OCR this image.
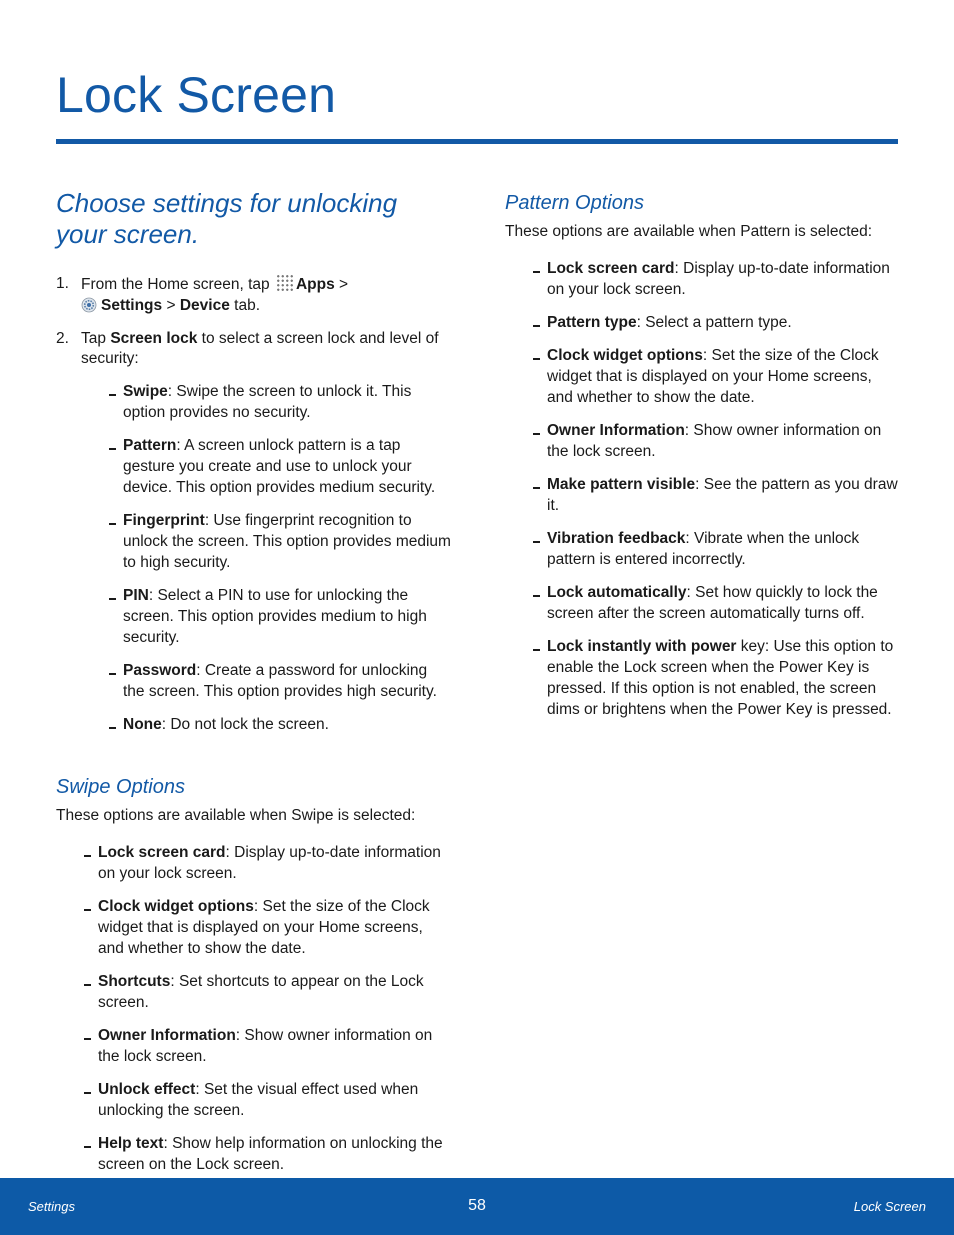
Lock Screen
Choose settings for unlocking your screen.
1. From the Home screen, tap Apps >
Settings > Device tab.
2. Tap Screen lock to select a screen lock and level of security:
Swipe: Swipe the screen to unlock it. This option provides no security.
Pattern: A screen unlock pattern is a tap gesture you create and use to unlock your device. This option provides medium security.
Fingerprint: Use fingerprint recognition to unlock the screen. This option provides medium to high security.
PIN: Select a PIN to use for unlocking the screen. This option provides medium to high security.
Password: Create a password for unlocking the screen. This option provides high security.
None: Do not lock the screen.
Swipe Options

These options are available when Swipe is selected:

Lock screen card: Display up-to-date information on your lock screen.
Clock widget options: Set the size of the Clock widget that is displayed on your Home screens, and whether to show the date.
Shortcuts: Set shortcuts to appear on the Lock screen.
Owner Information: Show owner information on the lock screen.
Unlock effect: Set the visual effect used when unlocking the screen.
Help text: Show help information on unlocking the screen on the Lock screen.
Pattern Options

These options are available when Pattern is selected:

Lock screen card: Display up-to-date information on your lock screen.
Pattern type: Select a pattern type.
Clock widget options: Set the size of the Clock widget that is displayed on your Home screens, and whether to show the date.
Owner Information: Show owner information on the lock screen.
Make pattern visible: See the pattern as you draw it.
Vibration feedback: Vibrate when the unlock pattern is entered incorrectly.
Lock automatically: Set how quickly to lock the screen after the screen automatically turns off.
Lock instantly with power key: Use this option to enable the Lock screen when the Power Key is pressed. If this option is not enabled, the screen dims or brightens when the Power Key is pressed.
Settings	58	Lock Screen
